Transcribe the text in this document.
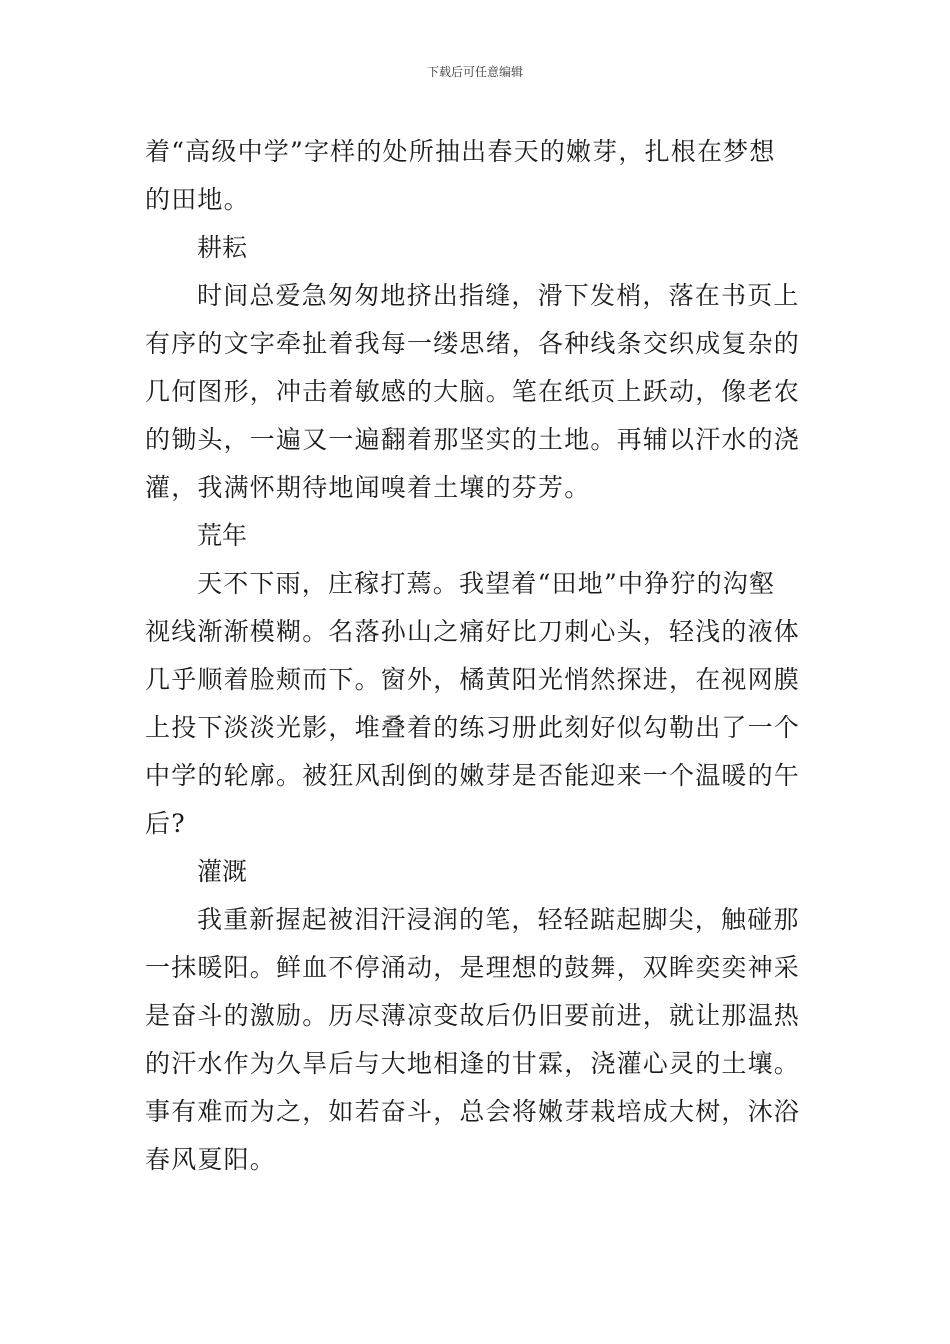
下载后可任意编辑

着“高级中学”字样的处所抽出春天的嫩芽，扎根在梦想
的田地。

耕耘

时间总爱急匆匆地挤出指缝，滑下发梢，落在书页上
有序的文字牵扯着我每一缕思绪，各种线条交织成复杂的
几何图形，冲击着敏感的大脑。笔在纸页上跃动，像老农
的锄头，一遍又一遍翻着那坚实的土地。再辅以汗水的浇
灌，我满怀期待地闻嗅着土壤的芬芳。

荒年

天不下雨，庄稼打蔫。我望着“田地”中狰狞的沟壑
视线渐渐模糊。名落孙山之痛好比刀刺心头，轻浅的液体
几乎顺着脸颊而下。窗外，橘黄阳光悄然探进，在视网膜
上投下淡淡光影，堆叠着的练习册此刻好似勾勒出了一个
中学的轮廓。被狂风刮倒的嫩芽是否能迎来一个温暖的午
后?

灌溉

我重新握起被泪汗浸润的笔，轻轻踮起脚尖，触碰那
一抹暖阳。鲜血不停涌动，是理想的鼓舞，双眸奕奕神采
是奋斗的激励。历尽薄凉变故后仍旧要前进，就让那温热
的汗水作为久旱后与大地相逢的甘霖，浇灌心灵的土壤。
事有难而为之，如若奋斗，总会将嫩芽栽培成大树，沐浴
春风夏阳。
